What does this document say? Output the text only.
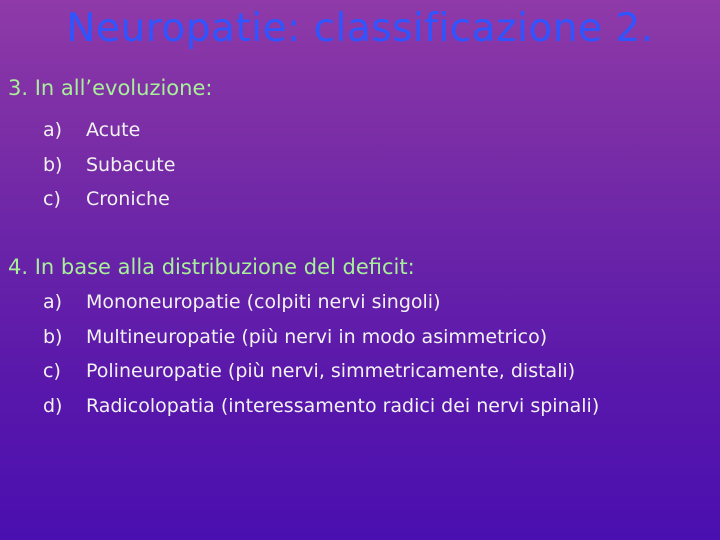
Neuropatie: classificazione 2.
3. In all’evoluzione:
a) Acute
b) Subacute
c) Croniche
4. In base alla distribuzione del deficit:
a) Mononeuropatie (colpiti nervi singoli)
b) Multineuropatie (più nervi in modo asimmetrico)
c) Polineuropatie (più nervi, simmetricamente, distali)
d) Radicolopatia (interessamento radici dei nervi spinali)
